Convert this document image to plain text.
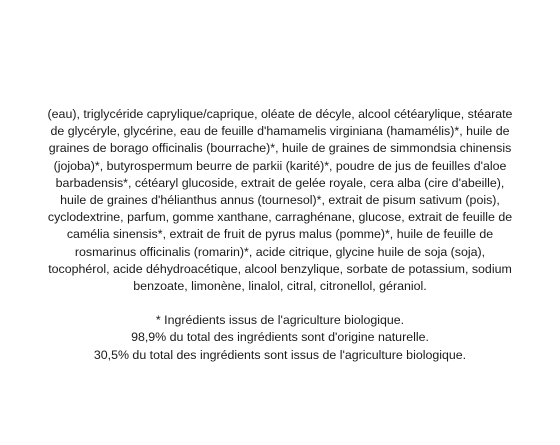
(eau), triglycéride caprylique/caprique, oléate de décyle, alcool cétéarylique, stéarate de glycéryle, glycérine, eau de feuille d'hamamelis virginiana (hamamélis)*, huile de graines de borago officinalis (bourrache)*, huile de graines de simmondsia chinensis (jojoba)*, butyrospermum beurre de parkii (karité)*, poudre de jus de feuilles d'aloe barbadensis*, cétéaryl glucoside, extrait de gelée royale, cera alba (cire d'abeille), huile de graines d'hélianthus annus (tournesol)*, extrait de pisum sativum (pois), cyclodextrine, parfum, gomme xanthane, carraghénane, glucose, extrait de feuille de camélia sinensis*, extrait de fruit de pyrus malus (pomme)*, huile de feuille de rosmarinus officinalis (romarin)*, acide citrique, glycine huile de soja (soja), tocophérol, acide déhydroacétique, alcool benzylique, sorbate de potassium, sodium benzoate, limonène, linalol, citral, citronellol, géraniol.

* Ingrédients issus de l'agriculture biologique.

98,9% du total des ingrédients sont d'origine naturelle.

30,5% du total des ingrédients sont issus de l'agriculture biologique.
